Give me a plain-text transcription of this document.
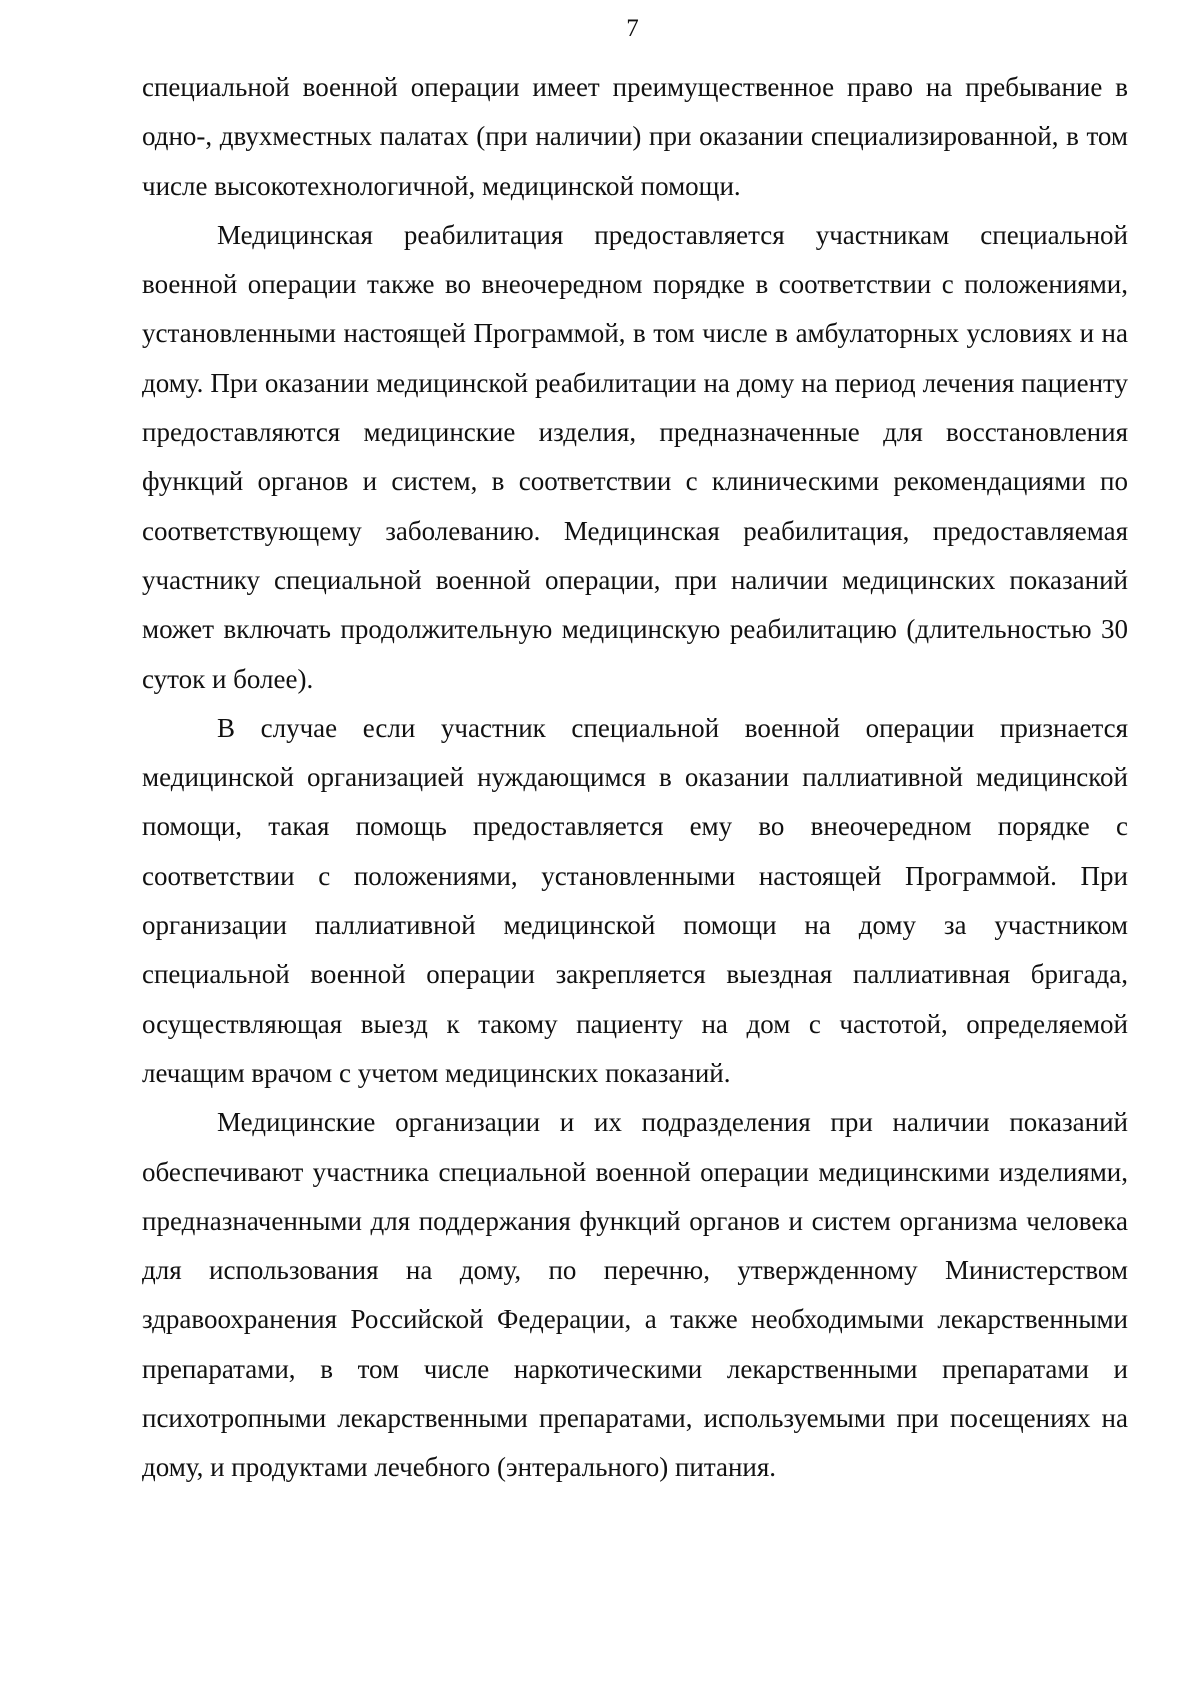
7

специальной военной операции имеет преимущественное право на пребывание в одно-, двухместных палатах (при наличии) при оказании специализированной, в том числе высокотехнологичной, медицинской помощи.

Медицинская реабилитация предоставляется участникам специальной военной операции также во внеочередном порядке в соответствии с положениями, установленными настоящей Программой, в том числе в амбулаторных условиях и на дому. При оказании медицинской реабилитации на дому на период лечения пациенту предоставляются медицинские изделия, предназначенные для восстановления функций органов и систем, в соответствии с клиническими рекомендациями по соответствующему заболеванию. Медицинская реабилитация, предоставляемая участнику специальной военной операции, при наличии медицинских показаний может включать продолжительную медицинскую реабилитацию (длительностью 30 суток и более).

В случае если участник специальной военной операции признается медицинской организацией нуждающимся в оказании паллиативной медицинской помощи, такая помощь предоставляется ему во внеочередном порядке с соответствии с положениями, установленными настоящей Программой. При организации паллиативной медицинской помощи на дому за участником специальной военной операции закрепляется выездная паллиативная бригада, осуществляющая выезд к такому пациенту на дом с частотой, определяемой лечащим врачом с учетом медицинских показаний.

Медицинские организации и их подразделения при наличии показаний обеспечивают участника специальной военной операции медицинскими изделиями, предназначенными для поддержания функций органов и систем организма человека для использования на дому, по перечню, утвержденному Министерством здравоохранения Российской Федерации, а также необходимыми лекарственными препаратами, в том числе наркотическими лекарственными препаратами и психотропными лекарственными препаратами, используемыми при посещениях на дому, и продуктами лечебного (энтерального) питания.
